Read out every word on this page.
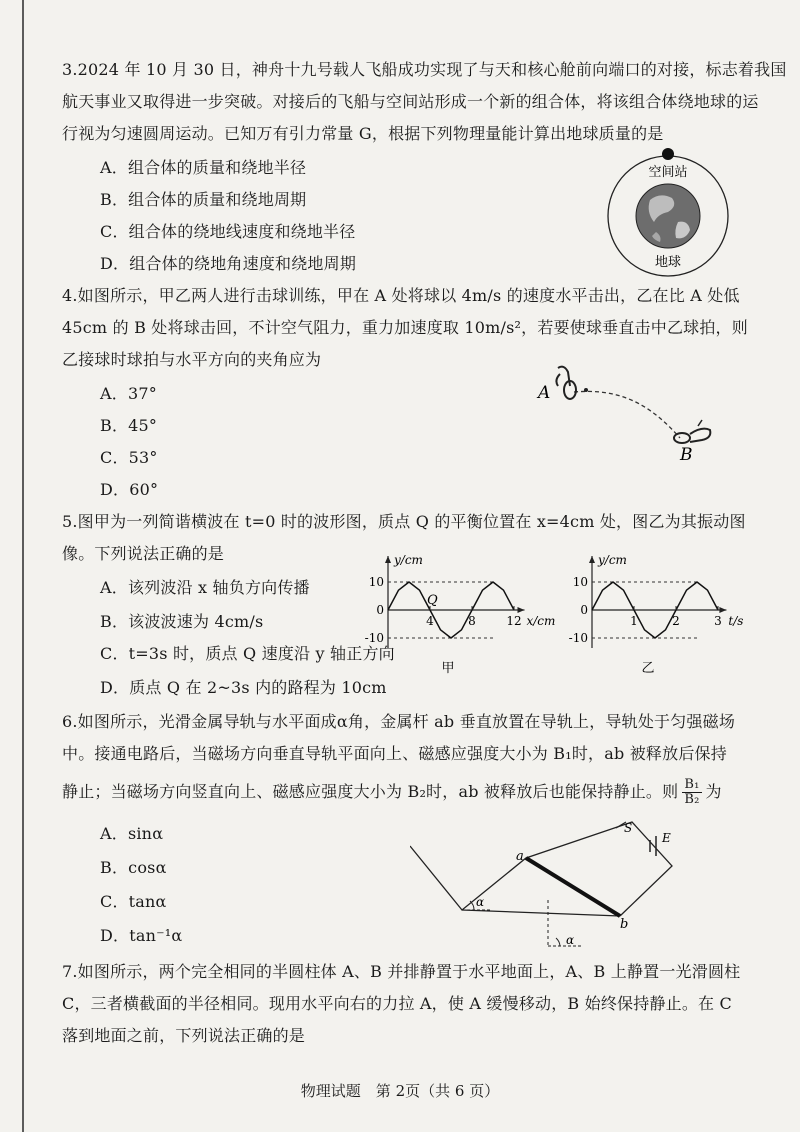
3.2024 年 10 月 30 日，神舟十九号载人飞船成功实现了与天和核心舱前向端口的对接，标志着我国
航天事业又取得进一步突破。对接后的飞船与空间站形成一个新的组合体，将该组合体绕地球的运
行视为匀速圆周运动。已知万有引力常量 G，根据下列物理量能计算出地球质量的是
A．组合体的质量和绕地半径
B．组合体的质量和绕地周期
C．组合体的绕地线速度和绕地半径
D．组合体的绕地角速度和绕地周期
空间站
地球
4.如图所示，甲乙两人进行击球训练，甲在 A 处将球以 4m/s 的速度水平击出，乙在比 A 处低
45cm 的 B 处将球击回，不计空气阻力，重力加速度取 10m/s²，若要使球垂直击中乙球拍，则
乙接球时球拍与水平方向的夹角应为
A．37°
B．45°
C．53°
D．60°
A
B
5.图甲为一列简谐横波在 t=0 时的波形图，质点 Q 的平衡位置在 x=4cm 处，图乙为其振动图
像。下列说法正确的是
A．该列波沿 x 轴负方向传播
B．该波波速为 4cm/s
C．t=3s 时，质点 Q 速度沿 y 轴正方向
D．质点 Q 在 2~3s 内的路程为 10cm
10
0
-10
4	8	12
y/cm
x/cm
Q
甲
10
0
-10
1	2	3
y/cm
t/s
乙
6.如图所示，光滑金属导轨与水平面成α角，金属杆 ab 垂直放置在导轨上，导轨处于匀强磁场
中。接通电路后，当磁场方向垂直导轨平面向上、磁感应强度大小为 B₁时，ab 被释放后保持
静止；当磁场方向竖直向上、磁感应强度大小为 B₂时，ab 被释放后也能保持静止。则 $\frac{\text{B₁}}{\text{B₂}}$ 为
A．sinα
B．cosα
C．tanα
D．tan⁻¹α
a
b
S
E
α
α
7.如图所示，两个完全相同的半圆柱体 A、B 并排静置于水平地面上，A、B 上静置一光滑圆柱
C，三者横截面的半径相同。现用水平向右的力拉 A，使 A 缓慢移动，B 始终保持静止。在 C
落到地面之前，下列说法正确的是
物理试题　第 2页（共 6 页）
